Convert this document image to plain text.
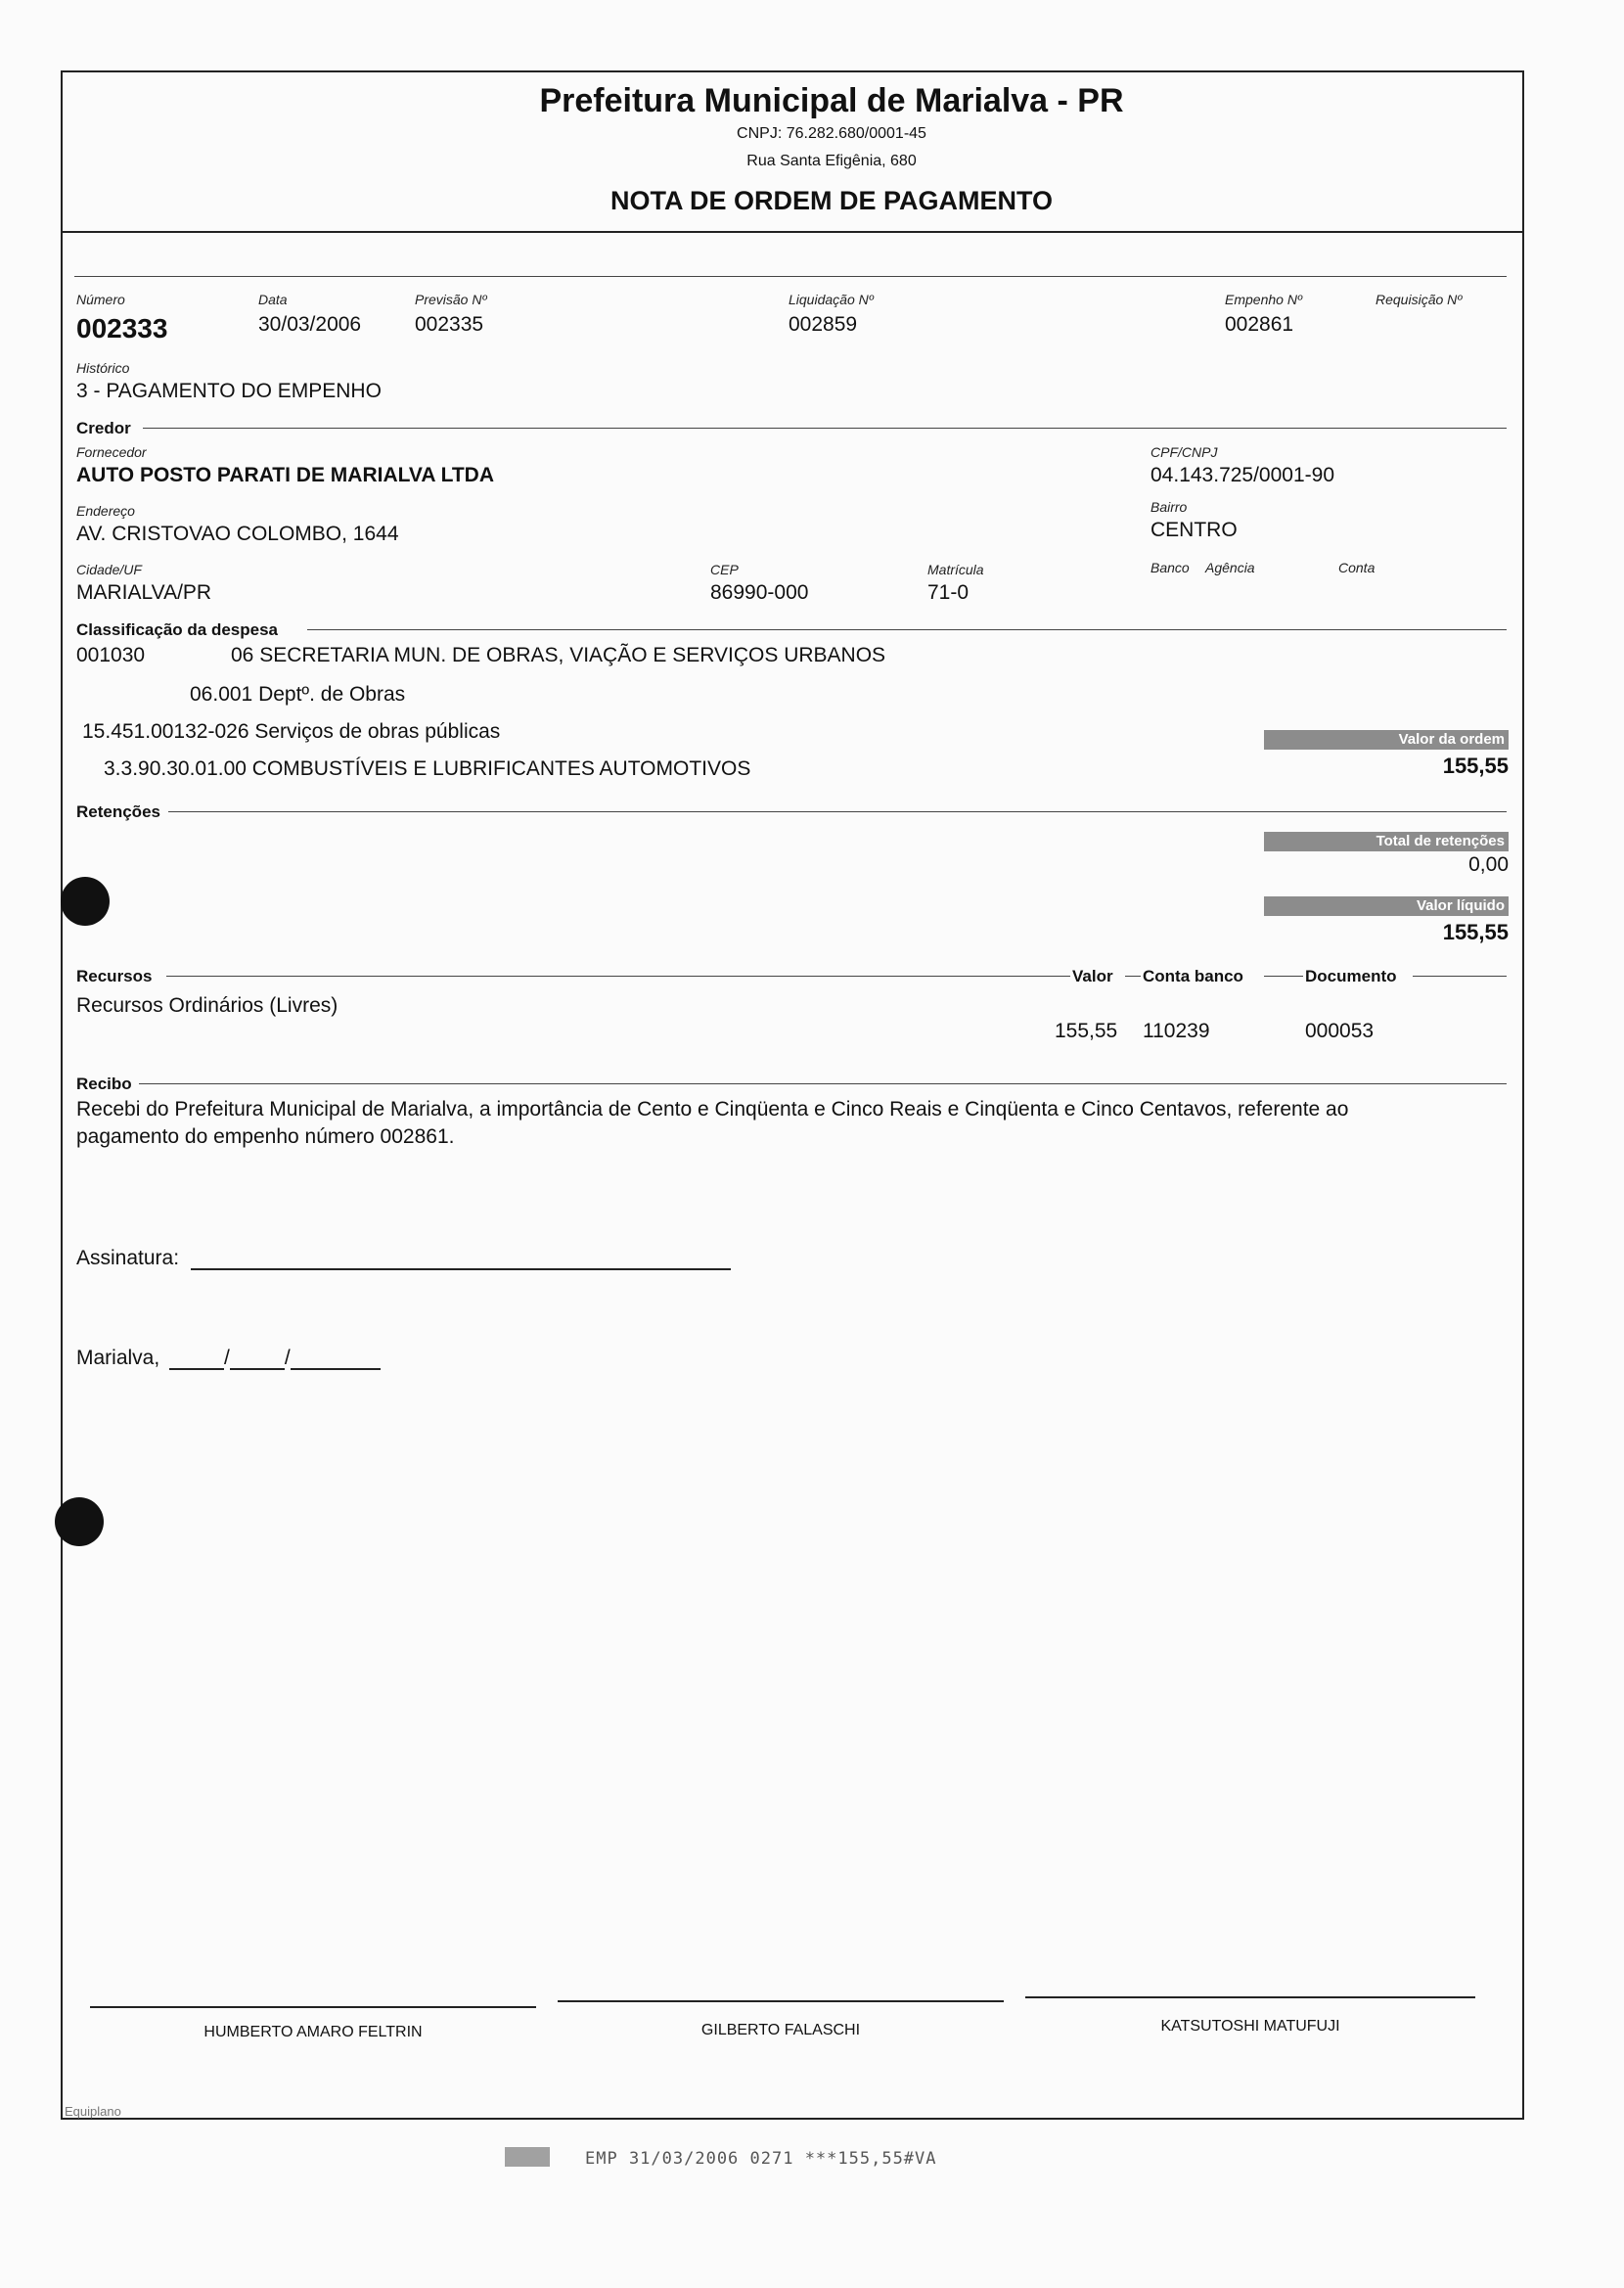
Prefeitura Municipal de Marialva - PR
CNPJ: 76.282.680/0001-45
Rua Santa Efigênia, 680
NOTA DE ORDEM DE PAGAMENTO
Número
002333
Data
30/03/2006
Previsão Nº
002335
Liquidação Nº
002859
Empenho Nº
002861
Requisição Nº
Histórico
3 - PAGAMENTO DO EMPENHO
Credor
Fornecedor
AUTO POSTO PARATI DE MARIALVA LTDA
CPF/CNPJ
04.143.725/0001-90
Endereço
AV. CRISTOVAO COLOMBO, 1644
Bairro
CENTRO
Cidade/UF
MARIALVA/PR
CEP
86990-000
Matrícula
71-0
Banco Agência	Conta
Classificação da despesa
001030	06 SECRETARIA MUN. DE OBRAS, VIAÇÃO E SERVIÇOS URBANOS
06.001 Deptº. de Obras
15.451.00132-026 Serviços de obras públicas
3.3.90.30.01.00 COMBUSTÍVEIS E LUBRIFICANTES AUTOMOTIVOS
Valor da ordem
155,55
Retenções
Total de retenções
0,00
Valor líquido
155,55
Recursos	Valor Conta banco	Documento
Recursos Ordinários (Livres)
155,55 110239	000053
Recibo
Recebi do Prefeitura Municipal de Marialva, a importância de Cento e Cinqüenta e Cinco Reais e Cinqüenta e Cinco Centavos, referente ao
pagamento do empenho número 002861.
Assinatura:
Marialva,	/	/
HUMBERTO AMARO FELTRIN	GILBERTO FALASCHI	KATSUTOSHI MATUFUJI
Equiplano
EMP 31/03/2006 0271 ***155,55#VA
